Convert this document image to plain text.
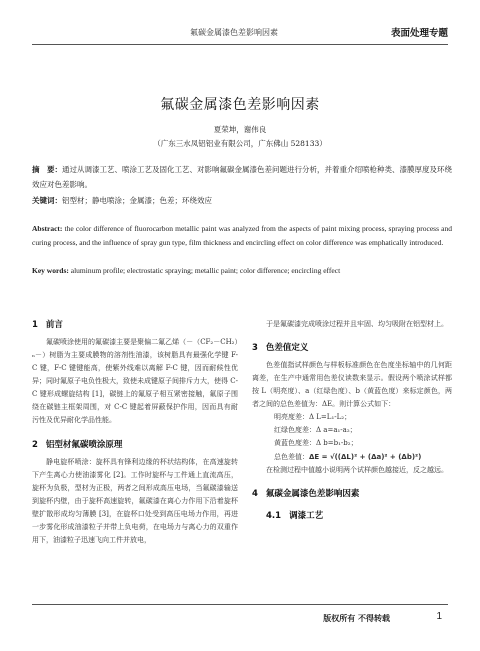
氟碳金属漆色差影响因素	表面处理专题
氟碳金属漆色差影响因素
夏荣坤，谢伟良
（广东三水凤铝铝业有限公司，广东佛山 528133）
摘　要：通过从调漆工艺、喷涂工艺及固化工艺、对影响氟碳金属漆色差问题进行分析，并着重介绍喷枪种类、漆膜厚度及环绕效应对色差影响。
关键词：铝型材；静电喷涂；金属漆；色差；环绕效应
Abstract: the color difference of fluorocarbon metallic paint was analyzed from the aspects of paint mixing process, spraying process and curing process, and the influence of spray gun type, film thickness and encircling effect on color difference was emphatically introduced.
Key words: aluminum profile; electrostatic spraying; metallic paint; color difference; encircling effect
1 前言

氟碳喷涂使用的氟碳漆主要是聚偏二氟乙烯（－（CF₂－CH₂）ₙ－）树脂为主要成膜物的溶剂性油漆，该树脂具有最强化学键 F-C 键，F-C 键键能高，使紫外线难以离解 F-C 键，因而耐候性优异；同时氟原子电负性极大，致使未成键原子间排斥力大，使得 C-C 键形成螺旋结构 [1]，碳链上的氟原子相互紧密接触，氟原子围绕在碳链主框架周围，对 C-C 键起着屏蔽保护作用，因而具有耐污性及优异耐化学品性能。

2 铝型材氟碳喷涂原理

静电旋杯喷涂：旋杯具有锋利边缘的杯状结构体，在高速旋转下产生离心力使油漆雾化 [2]。工作时旋杯与工件通上直流高压，旋杯为负极，型材为正极，两者之间形成高压电场，当氟碳漆输送到旋杯内壁，由于旋杯高速旋转，氟碳漆在离心力作用下沿着旋杯壁扩散形成均匀薄膜 [3]，在旋杯口处受到高压电场力作用，再进一步雾化形成油漆粒子并带上负电荷，在电场力与离心力的双重作用下，油漆粒子迅速飞向工件并放电，

于是氟碳漆完成喷涂过程并且牢固、均匀吸附在铝型材上。

3 色差值定义

色差值指试样颜色与样板标准颜色在色度坐标轴中的几何距离差，在生产中通常用色差仪读数来显示。假设两个喷涂试样都按 L（明亮度）、a（红绿色度）、b（黄蓝色度）来标定颜色，两者之间的总色差值为：ΔE。则计算公式如下：

明亮度差：Δ L=L₁-L₂；

红绿色度差：Δ a=a₁-a₂；

黄蓝色度差：Δ b=b₁-b₂；

总色差值：ΔE = √((ΔL)² + (Δa)² + (Δb)²)

在检测过程中值越小说明两个试样颜色越接近，反之越远。

4 氟碳金属漆色差影响因素
4.1 调漆工艺
版权所有 不得转载	1
